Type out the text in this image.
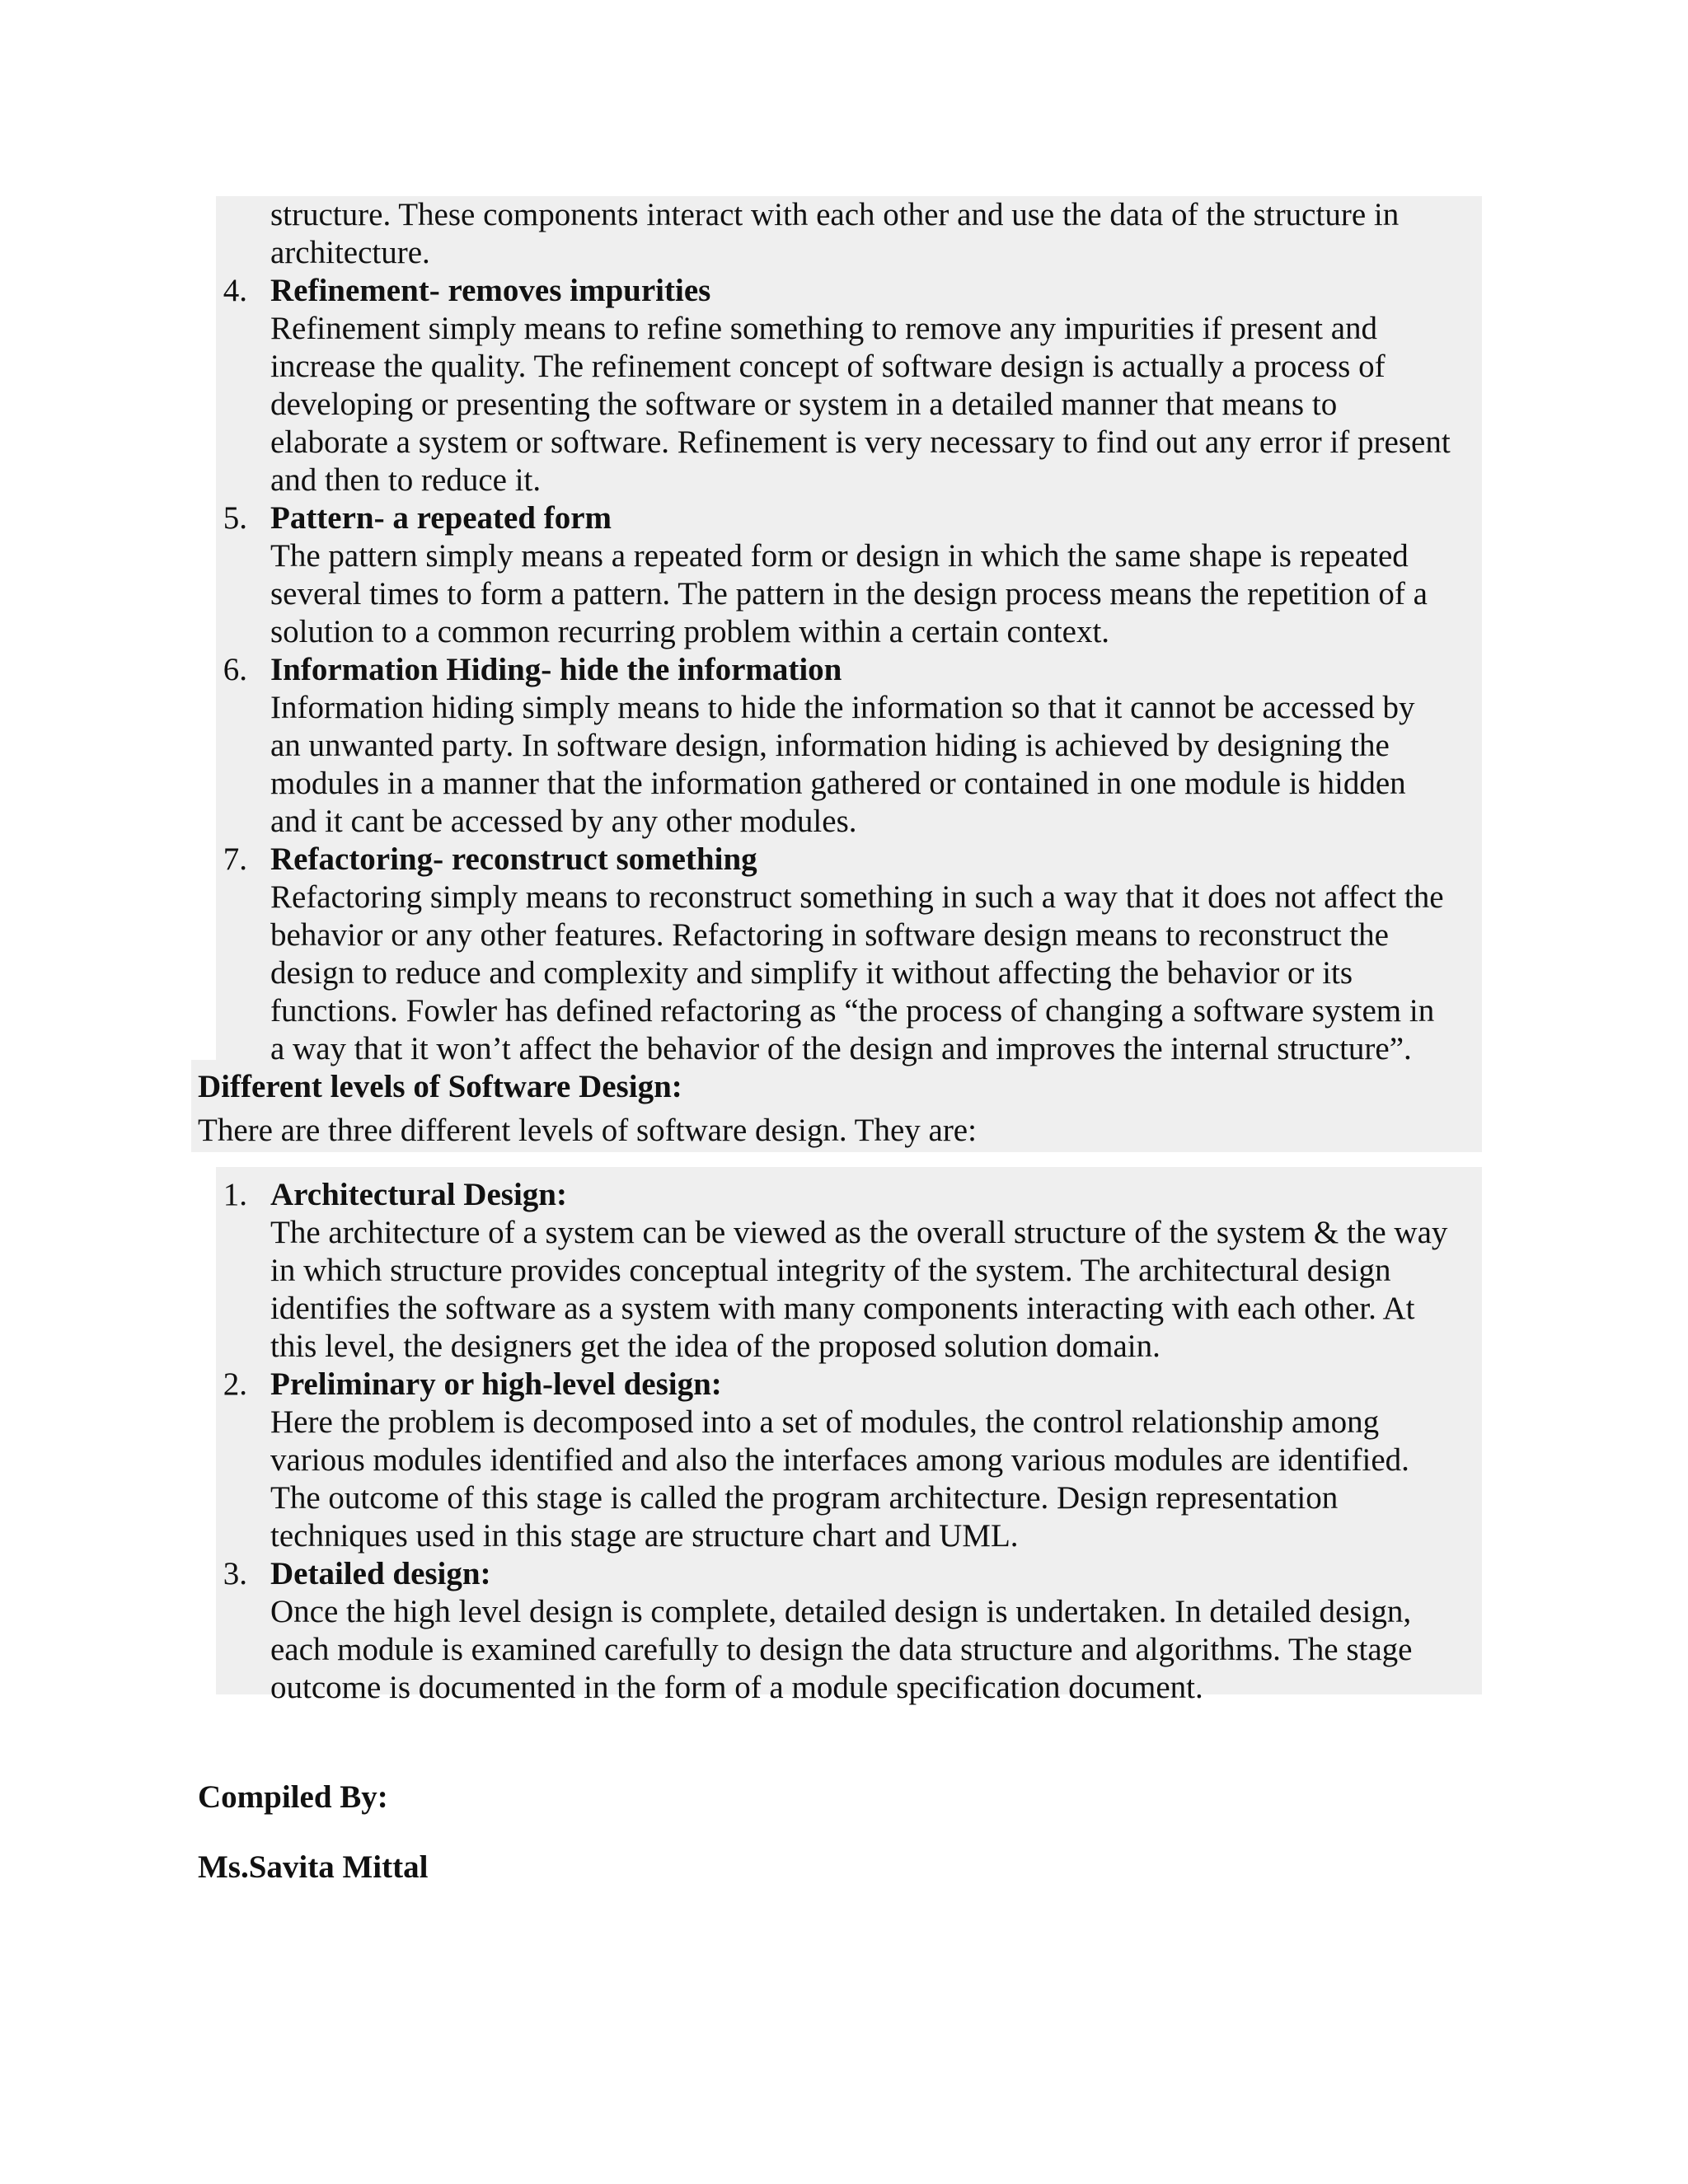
structure. These components interact with each other and use the data of the structure in
architecture.
4. Refinement- removes impurities
Refinement simply means to refine something to remove any impurities if present and
increase the quality. The refinement concept of software design is actually a process of
developing or presenting the software or system in a detailed manner that means to
elaborate a system or software. Refinement is very necessary to find out any error if present
and then to reduce it.
5. Pattern- a repeated form
The pattern simply means a repeated form or design in which the same shape is repeated
several times to form a pattern. The pattern in the design process means the repetition of a
solution to a common recurring problem within a certain context.
6. Information Hiding- hide the information
Information hiding simply means to hide the information so that it cannot be accessed by
an unwanted party. In software design, information hiding is achieved by designing the
modules in a manner that the information gathered or contained in one module is hidden
and it cant be accessed by any other modules.
7. Refactoring- reconstruct something
Refactoring simply means to reconstruct something in such a way that it does not affect the
behavior or any other features. Refactoring in software design means to reconstruct the
design to reduce and complexity and simplify it without affecting the behavior or its
functions. Fowler has defined refactoring as “the process of changing a software system in
a way that it won’t affect the behavior of the design and improves the internal structure”.
Different levels of Software Design:
There are three different levels of software design. They are:
1. Architectural Design:
The architecture of a system can be viewed as the overall structure of the system & the way
in which structure provides conceptual integrity of the system. The architectural design
identifies the software as a system with many components interacting with each other. At
this level, the designers get the idea of the proposed solution domain.
2. Preliminary or high-level design:
Here the problem is decomposed into a set of modules, the control relationship among
various modules identified and also the interfaces among various modules are identified.
The outcome of this stage is called the program architecture. Design representation
techniques used in this stage are structure chart and UML.
3. Detailed design:
Once the high level design is complete, detailed design is undertaken. In detailed design,
each module is examined carefully to design the data structure and algorithms. The stage
outcome is documented in the form of a module specification document.
Compiled By:
Ms.Savita Mittal
